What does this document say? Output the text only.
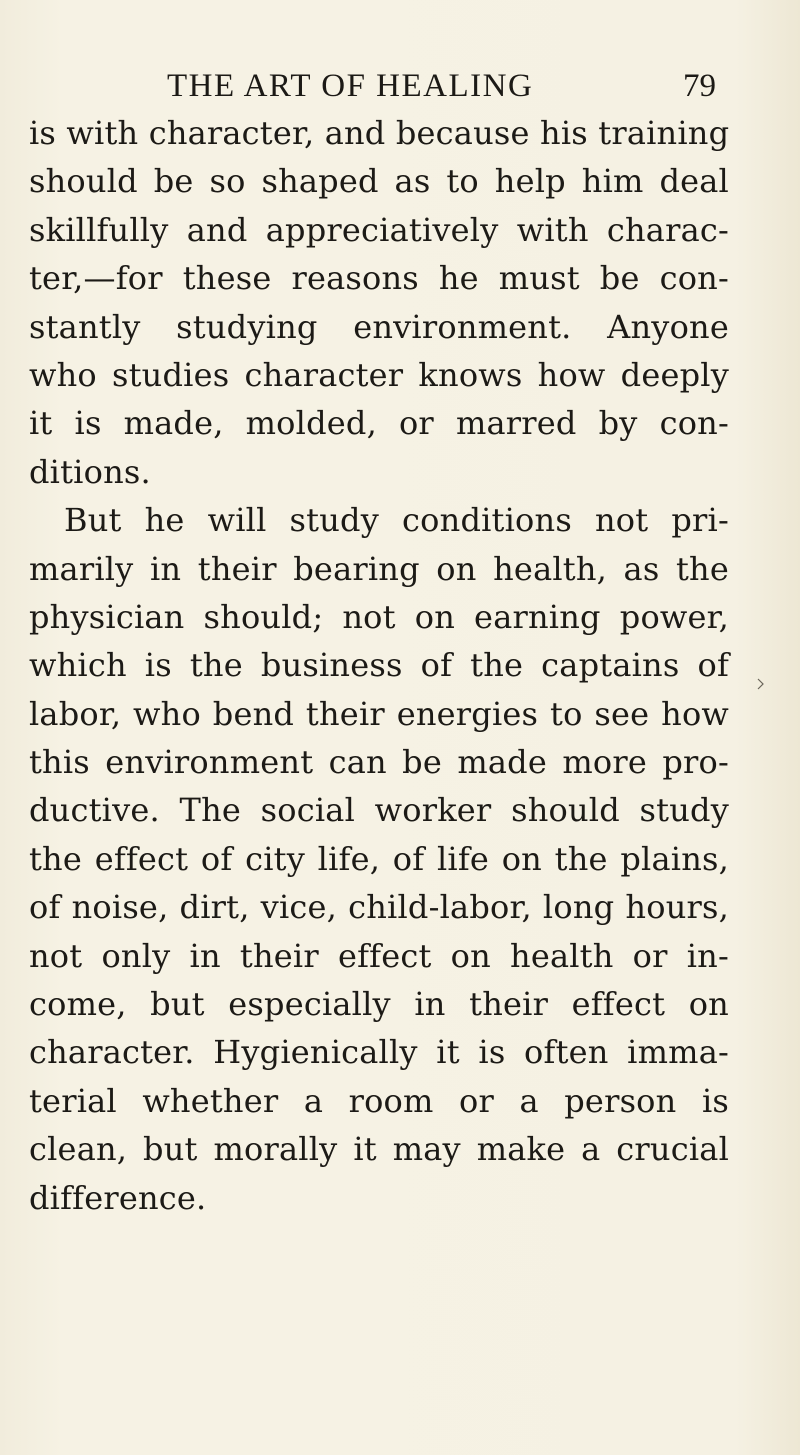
THE ART OF HEALING	79
is with character, and because his training
should be so shaped as to help him deal
skillfully and appreciatively with charac-
ter,—for these reasons he must be con-
stantly studying environment. Anyone
who studies character knows how deeply
it is made, molded, or marred by con-
ditions.
But he will study conditions not pri-
marily in their bearing on health, as the
physician should; not on earning power,
which is the business of the captains of
labor, who bend their energies to see how
this environment can be made more pro-
ductive. The social worker should study
the effect of city life, of life on the plains,
of noise, dirt, vice, child-labor, long hours,
not only in their effect on health or in-
come, but especially in their effect on
character. Hygienically it is often imma-
terial whether a room or a person is
clean, but morally it may make a crucial
difference.
